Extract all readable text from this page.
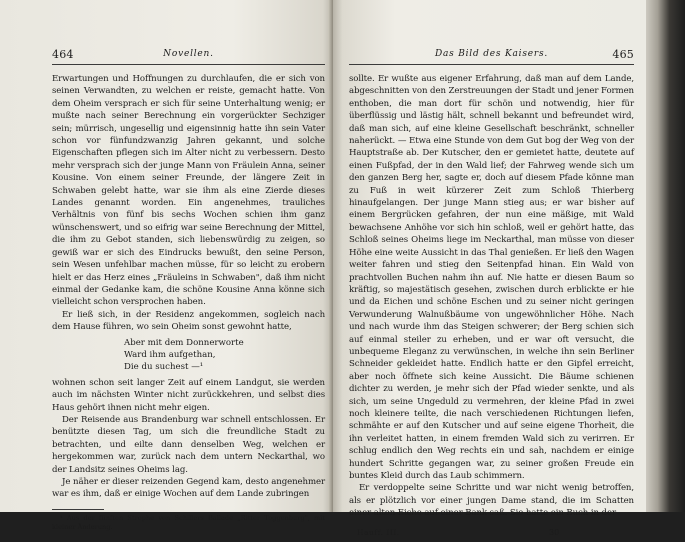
464	Novellen.

Erwartungen und Hoffnungen zu durchlaufen, die er sich von seinen Verwandten, zu welchen er reiste, gemacht hatte. Von dem Oheim versprach er sich für seine Unterhaltung wenig; er mußte nach seiner Berechnung ein vorgerückter Sechziger sein; mürrisch, ungesellig und eigensinnig hatte ihn sein Vater schon vor fünfundzwanzig Jahren gekannt, und solche Eigenschaften pflegen sich im Alter nicht zu verbessern. Desto mehr versprach sich der junge Mann von Fräulein Anna, seiner Kousine. Von einem seiner Freunde, der längere Zeit in Schwaben gelebt hatte, war sie ihm als eine Zierde dieses Landes genannt worden. Ein angenehmes, trauliches Verhältnis von fünf bis sechs Wochen schien ihm ganz wünschenswert, und so eifrig war seine Berechnung der Mittel, die ihm zu Gebot standen, sich liebenswürdig zu zeigen, so gewiß war er sich des Eindrucks bewußt, den seine Person, sein Wesen unfehlbar machen müsse, für so leicht zu erobern hielt er das Herz eines „Fräuleins in Schwaben", daß ihm nicht einmal der Gedanke kam, die schöne Kousine Anna könne sich vielleicht schon versprochen haben.

Er ließ sich, in der Residenz angekommen, sogleich nach dem Hause führen, wo sein Oheim sonst gewohnt hatte,

Aber mit dem Donnerworte
Ward ihm aufgethan,
Die du suchest —¹

wohnen schon seit langer Zeit auf einem Landgut, sie werden auch im nächsten Winter nicht zurückkehren, und selbst dies Haus gehört ihnen nicht mehr eigen.

Der Reisende aus Brandenburg war schnell entschlossen. Er benützte diesen Tag, um sich die freundliche Stadt zu betrachten, und eilte dann denselben Weg, welchen er hergekommen war, zurück nach dem untern Neckarthal, wo der Landsitz seines Oheims lag.

Je näher er dieser reizenden Gegend kam, desto angenehmer war es ihm, daß er einige Wochen auf dem Lande zubringen

¹ Aus der fünften Strophe von Schillers Ballade „Ritter Toggenburg", mit kleiner Änderung.
Das Bild des Kaisers.	465

sollte. Er wußte aus eigener Erfahrung, daß man auf dem Lande, abgeschnitten von den Zerstreuungen der Stadt und jener Formen enthoben, die man dort für schön und notwendig, hier für überflüssig und lästig hält, schnell bekannt und befreundet wird, daß man sich, auf eine kleine Gesellschaft beschränkt, schneller naherückt. — Etwa eine Stunde von dem Gut bog der Weg von der Hauptstraße ab. Der Kutscher, den er gemietet hatte, deutete auf einen Fußpfad, der in den Wald lief; der Fahrweg wende sich um den ganzen Berg her, sagte er, doch auf diesem Pfade könne man zu Fuß in weit kürzerer Zeit zum Schloß Thierberg hinaufgelangen. Der junge Mann stieg aus; er war bisher auf einem Bergrücken gefahren, der nun eine mäßige, mit Wald bewachsene Anhöhe vor sich hin schloß, weil er gehört hatte, das Schloß seines Oheims liege im Neckarthal, man müsse von dieser Höhe eine weite Aussicht in das Thal genießen. Er ließ den Wagen weiter fahren und stieg den Seitenpfad hinan. Ein Wald von prachtvollen Buchen nahm ihn auf. Nie hatte er diesen Baum so kräftig, so majestätisch gesehen, zwischen durch erblickte er hie und da Eichen und schöne Eschen und zu seiner nicht geringen Verwunderung Walnußbäume von ungewöhnlicher Höhe. Nach und nach wurde ihm das Steigen schwerer; der Berg schien sich auf einmal steiler zu erheben, und er war oft versucht, die unbequeme Eleganz zu verwünschen, in welche ihn sein Berliner Schneider gekleidet hatte. Endlich hatte er den Gipfel erreicht, aber noch öffnete sich keine Aussicht. Die Bäume schienen dichter zu werden, je mehr sich der Pfad wieder senkte, und als sich, um seine Ungeduld zu vermehren, der kleine Pfad in zwei noch kleinere teilte, die nach verschiedenen Richtungen liefen, schmähte er auf den Kutscher und auf seine eigene Thorheit, die ihn verleitet hatten, in einem fremden Wald sich zu verirren. Er schlug endlich den Weg rechts ein und sah, nachdem er einige hundert Schritte gegangen war, zu seiner großen Freude ein buntes Kleid durch das Laub schimmern.

Er verdoppelte seine Schritte und war nicht wenig betroffen, als er plötzlich vor einer jungen Dame stand, die im Schatten einer alten Eiche auf einer Bank saß. Sie hatte ein Buch in der

Hauff. III.	30
